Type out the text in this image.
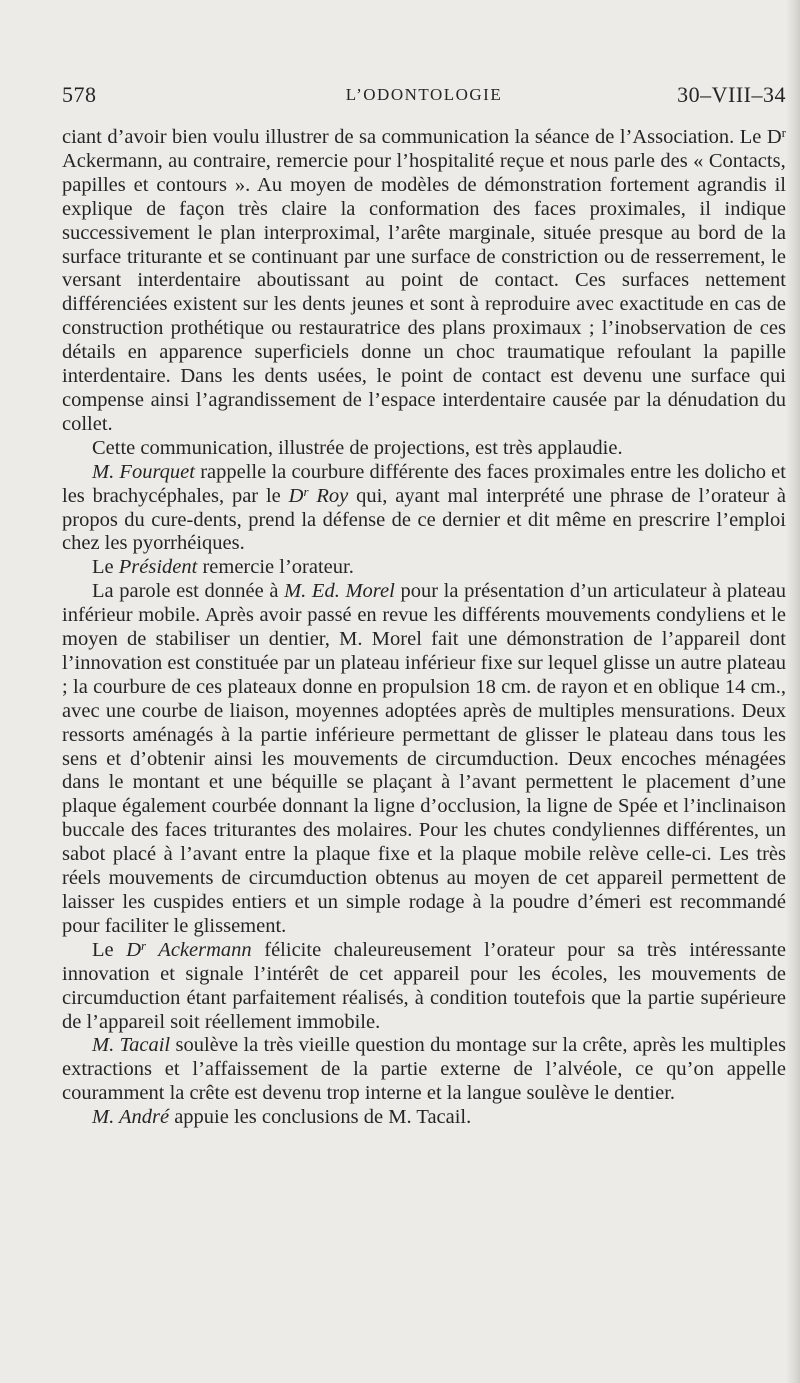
578	L’ODONTOLOGIE	30–VIII–34

ciant d’avoir bien voulu illustrer de sa communication la séance de l’Association. Le $D^r$ Ackermann, au contraire, remercie pour l’hospitalité reçue et nous parle des « Contacts, papilles et contours ». Au moyen de modèles de démonstration fortement agrandis il explique de façon très claire la conformation des faces proximales, il indique successivement le plan interproximal, l’arête marginale, située presque au bord de la surface triturante et se continuant par une surface de constriction ou de resserrement, le versant interdentaire aboutissant au point de contact. Ces surfaces nettement différenciées existent sur les dents jeunes et sont à reproduire avec exactitude en cas de construction prothétique ou restauratrice des plans proximaux ; l’inobservation de ces détails en apparence superficiels donne un choc traumatique refoulant la papille interdentaire. Dans les dents usées, le point de contact est devenu une surface qui compense ainsi l’agrandissement de l’espace interdentaire causée par la dénudation du collet.

Cette communication, illustrée de projections, est très applaudie.

M. Fourquet rappelle la courbure différente des faces proximales entre les dolicho et les brachycéphales, par le $D^r$ Roy qui, ayant mal interprété une phrase de l’orateur à propos du cure-dents, prend la défense de ce dernier et dit même en prescrire l’emploi chez les pyorrhéiques.

Le Président remercie l’orateur.

La parole est donnée à M. Ed. Morel pour la présentation d’un articulateur à plateau inférieur mobile. Après avoir passé en revue les différents mouvements condyliens et le moyen de stabiliser un dentier, M. Morel fait une démonstration de l’appareil dont l’innovation est constituée par un plateau inférieur fixe sur lequel glisse un autre plateau ; la courbure de ces plateaux donne en propulsion 18 cm. de rayon et en oblique 14 cm., avec une courbe de liaison, moyennes adoptées après de multiples mensurations. Deux ressorts aménagés à la partie inférieure permettant de glisser le plateau dans tous les sens et d’obtenir ainsi les mouvements de circumduction. Deux encoches ménagées dans le montant et une béquille se plaçant à l’avant permettent le placement d’une plaque également courbée donnant la ligne d’occlusion, la ligne de Spée et l’inclinaison buccale des faces triturantes des molaires. Pour les chutes condyliennes différentes, un sabot placé à l’avant entre la plaque fixe et la plaque mobile relève celle-ci. Les très réels mouvements de circumduction obtenus au moyen de cet appareil permettent de laisser les cuspides entiers et un simple rodage à la poudre d’émeri est recommandé pour faciliter le glissement.

Le $D^r$ Ackermann félicite chaleureusement l’orateur pour sa très intéressante innovation et signale l’intérêt de cet appareil pour les écoles, les mouvements de circumduction étant parfaitement réalisés, à condition toutefois que la partie supérieure de l’appareil soit réellement immobile.

M. Tacail soulève la très vieille question du montage sur la crête, après les multiples extractions et l’affaissement de la partie externe de l’alvéole, ce qu’on appelle couramment la crête est devenu trop interne et la langue soulève le dentier.

M. André appuie les conclusions de M. Tacail.
